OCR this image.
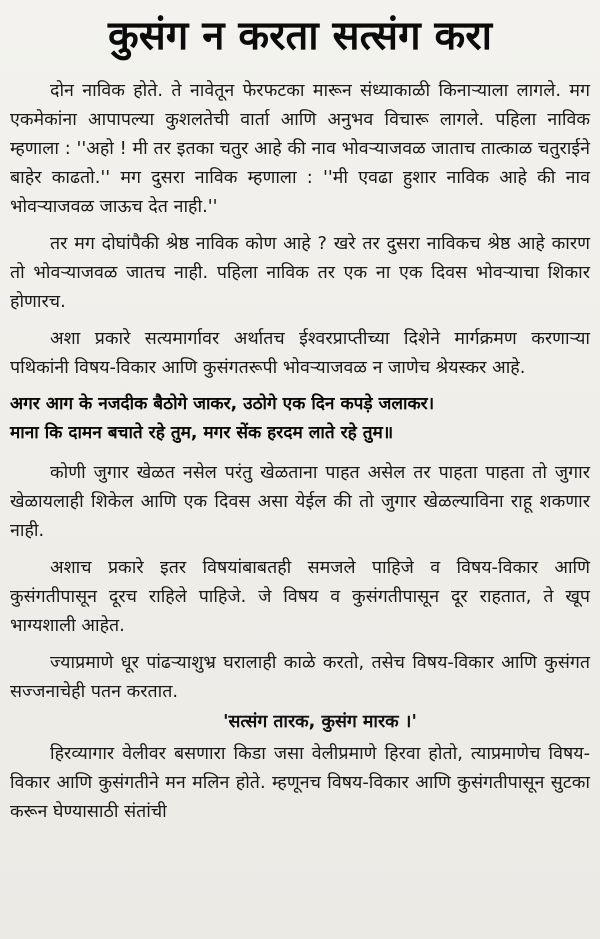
कुसंग न करता सत्संग करा

दोन नाविक होते. ते नावेतून फेरफटका मारून संध्याकाळी किनाऱ्याला लागले. मग एकमेकांना आपापल्या कुशलतेची वार्ता आणि अनुभव विचारू लागले. पहिला नाविक म्हणाला : ''अहो ! मी तर इतका चतुर आहे की नाव भोवऱ्याजवळ जाताच तात्काळ चतुराईने बाहेर काढतो.'' मग दुसरा नाविक म्हणाला : ''मी एवढा हुशार नाविक आहे की नाव भोवऱ्याजवळ जाऊच देत नाही.''

तर मग दोघांपैकी श्रेष्ठ नाविक कोण आहे ? खरे तर दुसरा नाविकच श्रेष्ठ आहे कारण तो भोवऱ्याजवळ जातच नाही. पहिला नाविक तर एक ना एक दिवस भोवऱ्याचा शिकार होणारच.

अशा प्रकारे सत्यमार्गावर अर्थातच ईश्वरप्राप्तीच्या दिशेने मार्गक्रमण करणाऱ्या पथिकांनी विषय-विकार आणि कुसंगतरूपी भोवऱ्याजवळ न जाणेच श्रेयस्कर आहे.

अगर आग के नजदीक बैठोगे जाकर, उठोगे एक दिन कपड़े जलाकर।

माना कि दामन बचाते रहे तुम, मगर सेंक हरदम लाते रहे तुम॥

कोणी जुगार खेळत नसेल परंतु खेळताना पाहत असेल तर पाहता पाहता तो जुगार खेळायलाही शिकेल आणि एक दिवस असा येईल की तो जुगार खेळल्याविना राहू शकणार नाही.

अशाच प्रकारे इतर विषयांबाबतही समजले पाहिजे व विषय-विकार आणि कुसंगतीपासून दूरच राहिले पाहिजे. जे विषय व कुसंगतीपासून दूर राहतात, ते खूप भाग्यशाली आहेत.

ज्याप्रमाणे धूर पांढऱ्याशुभ्र घरालाही काळे करतो, तसेच विषय-विकार आणि कुसंगत सज्जनाचेही पतन करतात.

'सत्संग तारक, कुसंग मारक ।'

हिरव्यागार वेलीवर बसणारा किडा जसा वेलीप्रमाणे हिरवा होतो, त्याप्रमाणेच विषय-विकार आणि कुसंगतीने मन मलिन होते. म्हणूनच विषय-विकार आणि कुसंगतीपासून सुटका करून घेण्यासाठी संतांची
